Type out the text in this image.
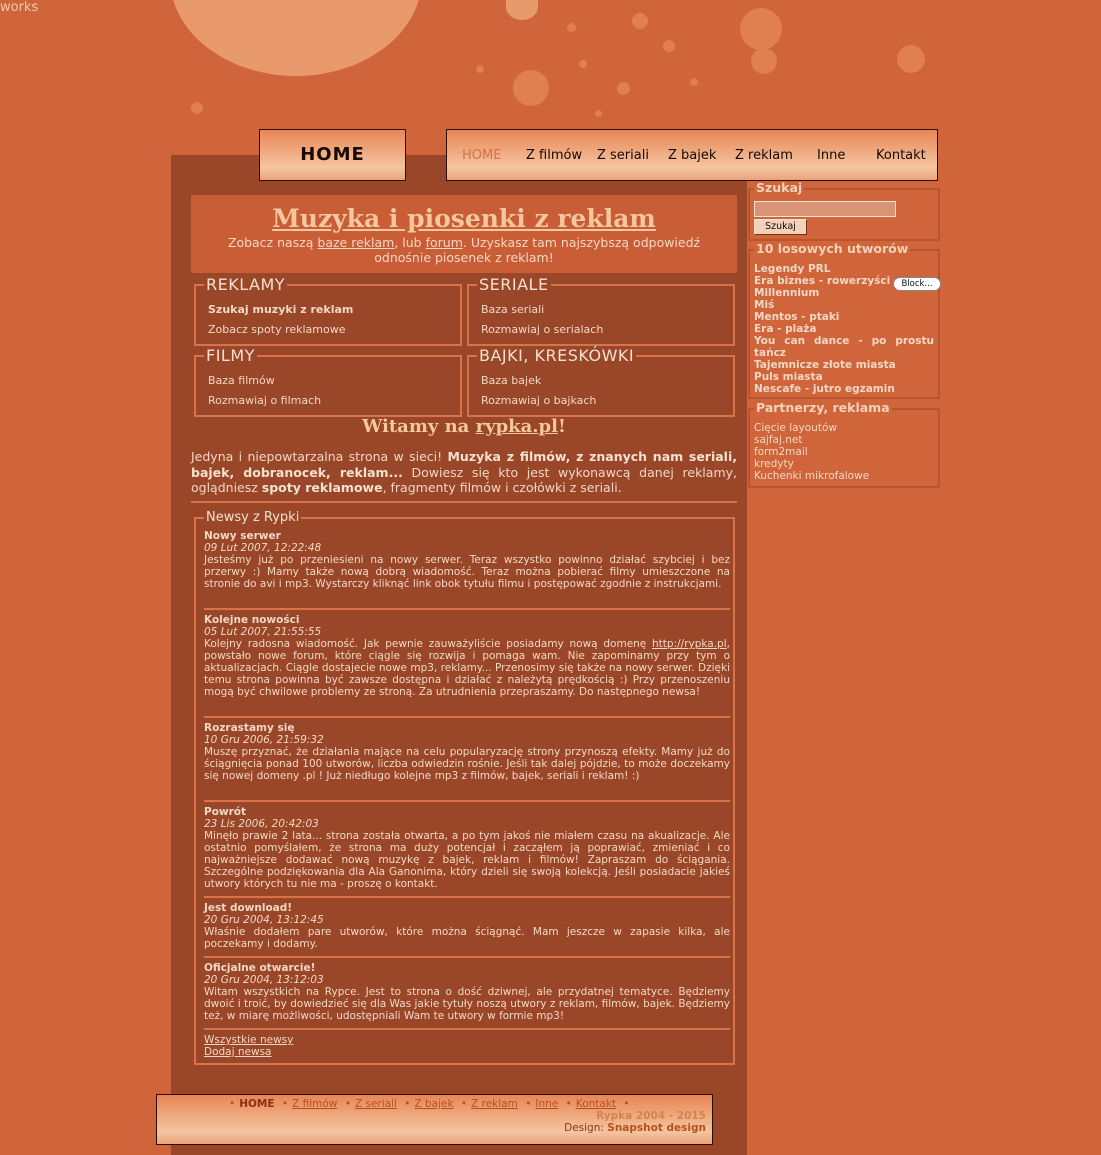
works
HOME	HOME Z filmów Z seriali Z bajek Z reklam Inne Kontakt
Muzyka i piosenki z reklam
Zobacz naszą baze reklam, lub forum. Uzyskasz tam najszybszą odpowiedź odnośnie piosenek z reklam!
REKLAMY
Szukaj muzyki z reklam
Zobacz spoty reklamowe
SERIALE
Baza seriali
Rozmawiaj o serialach
FILMY
Baza filmów
Rozmawiaj o filmach
BAJKI, KRESKÓWKI
Baza bajek
Rozmawiaj o bajkach
Witamy na rypka.pl!

Jedyna i niepowtarzalna strona w sieci! Muzyka z filmów, z znanych nam seriali, bajek, dobranocek, reklam... Dowiesz się kto jest wykonawcą danej reklamy, oglądniesz spoty reklamowe, fragmenty filmów i czołówki z seriali.

Newsy z Rypki
Nowy serwer
09 Lut 2007, 12:22:48
Jesteśmy już po przeniesieni na nowy serwer. Teraz wszystko powinno działać szybciej i bez przerwy :) Mamy także nową dobrą wiadomość. Teraz można pobierać filmy umieszczone na stronie do avi i mp3. Wystarczy kliknąć link obok tytułu filmu i postępować zgodnie z instrukcjami.
Kolejne nowości
05 Lut 2007, 21:55:55
Kolejny radosna wiadomość. Jak pewnie zauważyliście posiadamy nową domenę http://rypka.pl, powstało nowe forum, które ciągle się rozwija i pomaga wam. Nie zapominamy przy tym o aktualizacjach. Ciągle dostajecie nowe mp3, reklamy... Przenosimy się także na nowy serwer. Dzięki temu strona powinna być zawsze dostępna i działać z należytą prędkością :) Przy przenoszeniu mogą być chwilowe problemy ze stroną. Za utrudnienia przepraszamy. Do następnego newsa!
Rozrastamy się
10 Gru 2006, 21:59:32
Muszę przyznać, że działania mające na celu popularyzację strony przynoszą efekty. Mamy już do ściągnięcia ponad 100 utworów, liczba odwiedzin rośnie. Jeśli tak dalej pójdzie, to może doczekamy się nowej domeny .pl ! Już niedługo kolejne mp3 z filmów, bajek, seriali i reklam! :)
Powrót
23 Lis 2006, 20:42:03
Minęło prawie 2 lata... strona została otwarta, a po tym jakoś nie miałem czasu na akualizacje. Ale ostatnio pomyślałem, że strona ma duży potencjał i zacząłem ją poprawiać, zmieniać i co najważniejsze dodawać nową muzykę z bajek, reklam i filmów! Zapraszam do ściągania. Szczególne podziękowania dla Ala Ganonima, który dzieli się swoją kolekcją. Jeśli posiadacie jakieś utwory których tu nie ma - proszę o kontakt.
Jest download!
20 Gru 2004, 13:12:45
Właśnie dodałem pare utworów, które można ściągnąć. Mam jeszcze w zapasie kilka, ale poczekamy i dodamy.
Oficjalne otwarcie!
20 Gru 2004, 13:12:03
Witam wszystkich na Rypce. Jest to strona o dość dziwnej, ale przydatnej tematyce. Będziemy dwoić i troić, by dowiedzieć się dla Was jakie tytuły noszą utwory z reklam, filmów, bajek. Będziemy też, w miarę możliwości, udostępniali Wam te utwory w formie mp3!
Wszystkie newsy
Dodaj newsa
Szukaj
Szukaj
10 losowych utworów
Legendy PRL
Era biznes - rowerzyści
Millennium
Miś
Mentos - ptaki
Era - plaża
You can dance - po prostu tańcz
Tajemnicze złote miasta
Puls miasta
Nescafe - jutro egzamin
Block...
Partnerzy, reklama
Cięcie layoutów
sajfaj.net
form2mail
kredyty
Kuchenki mikrofalowe
• HOME • Z filmów • Z seriali • Z bajek • Z reklam • Inne • Kontakt •
Rypka 2004 - 2015
Design: Snapshot design
